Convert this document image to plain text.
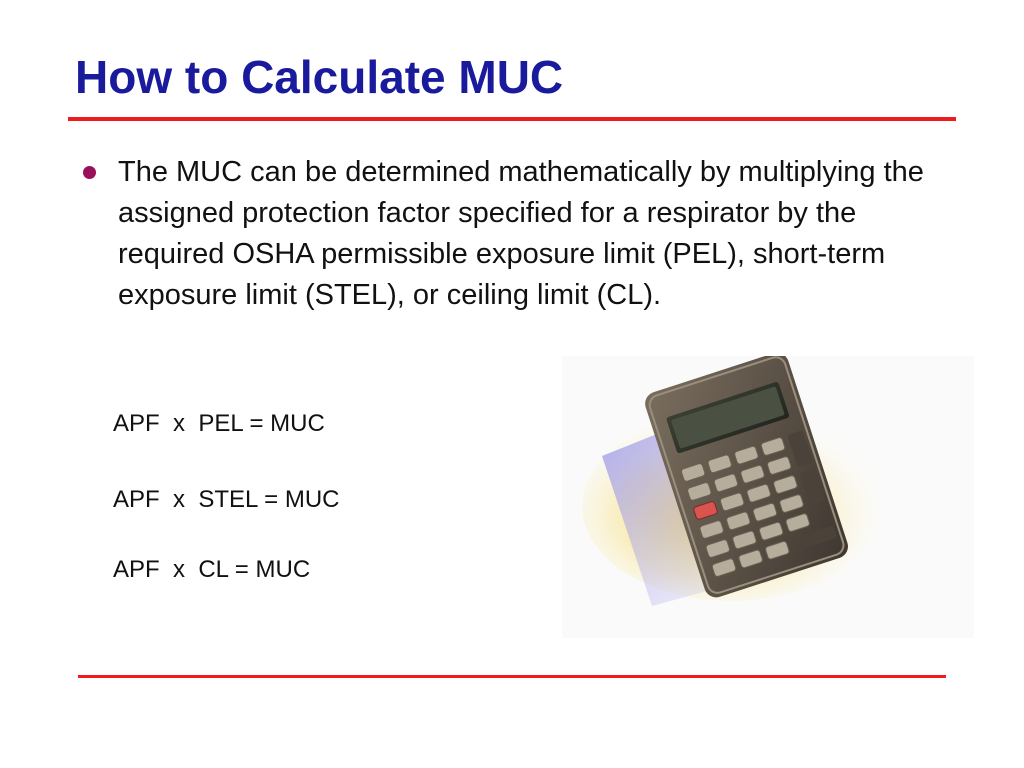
How to Calculate MUC
The MUC can be determined mathematically by multiplying the assigned protection factor specified for a respirator by the required OSHA permissible exposure limit (PEL), short-term exposure limit (STEL), or ceiling limit (CL).
APF  x  PEL = MUC
APF  x  STEL = MUC
APF  x  CL = MUC
